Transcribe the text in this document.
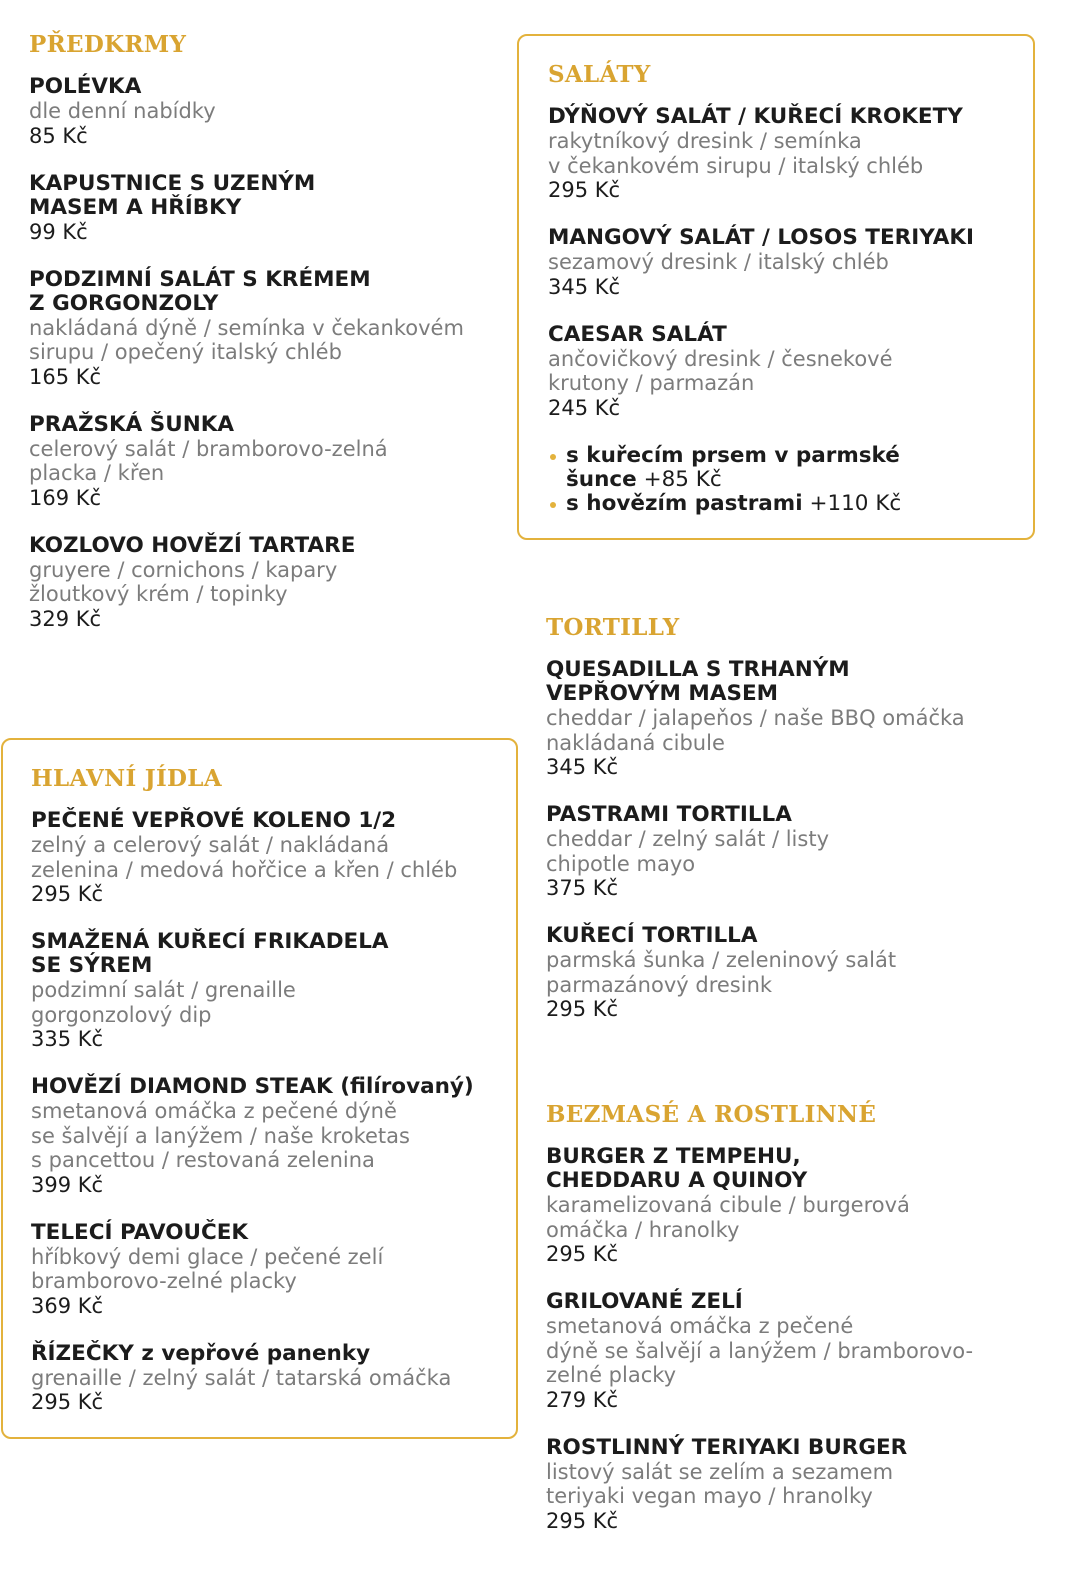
PŘEDKRMY
POLÉVKA
dle denní nabídky
85 Kč
KAPUSTNICE S UZENÝM
MASEM A HŘÍBKY
99 Kč
PODZIMNÍ SALÁT S KRÉMEM
Z GORGONZOLY
nakládaná dýně / semínka v čekankovém
sirupu / opečený italský chléb
165 Kč
PRAŽSKÁ ŠUNKA
celerový salát / bramborovo-zelná
placka / křen
169 Kč
KOZLOVO HOVĚZÍ TARTARE
gruyere / cornichons / kapary
žloutkový krém / topinky
329 Kč
HLAVNÍ JÍDLA
PEČENÉ VEPŘOVÉ KOLENO 1/2
zelný a celerový salát / nakládaná
zelenina / medová hořčice a křen / chléb
295 Kč
SMAŽENÁ KUŘECÍ FRIKADELA
SE SÝREM
podzimní salát / grenaille
gorgonzolový dip
335 Kč
HOVĚZÍ DIAMOND STEAK (filírovaný)
smetanová omáčka z pečené dýně
se šalvějí a lanýžem / naše kroketas
s pancettou / restovaná zelenina
399 Kč
TELECÍ PAVOUČEK
hříbkový demi glace / pečené zelí
bramborovo-zelné placky
369 Kč
ŘÍZEČKY z vepřové panenky
grenaille / zelný salát / tatarská omáčka
295 Kč
SALÁTY
DÝŇOVÝ SALÁT / KUŘECÍ KROKETY
rakytníkový dresink / semínka
v čekankovém sirupu / italský chléb
295 Kč
MANGOVÝ SALÁT / LOSOS TERIYAKI
sezamový dresink / italský chléb
345 Kč
CAESAR SALÁT
ančovičkový dresink / česnekové
krutony / parmazán
245 Kč
s kuřecím prsem v parmské
šunce +85 Kč
s hovězím pastrami +110 Kč
TORTILLY
QUESADILLA S TRHANÝM
VEPŘOVÝM MASEM
cheddar / jalapeňos / naše BBQ omáčka
nakládaná cibule
345 Kč
PASTRAMI TORTILLA
cheddar / zelný salát / listy
chipotle mayo
375 Kč
KUŘECÍ TORTILLA
parmská šunka / zeleninový salát
parmazánový dresink
295 Kč
BEZMASÉ A ROSTLINNÉ
BURGER Z TEMPEHU,
CHEDDARU A QUINOY
karamelizovaná cibule / burgerová
omáčka / hranolky
295 Kč
GRILOVANÉ ZELÍ
smetanová omáčka z pečené
dýně se šalvějí a lanýžem / bramborovo-
zelné placky
279 Kč
ROSTLINNÝ TERIYAKI BURGER
listový salát se zelím a sezamem
teriyaki vegan mayo / hranolky
295 Kč
